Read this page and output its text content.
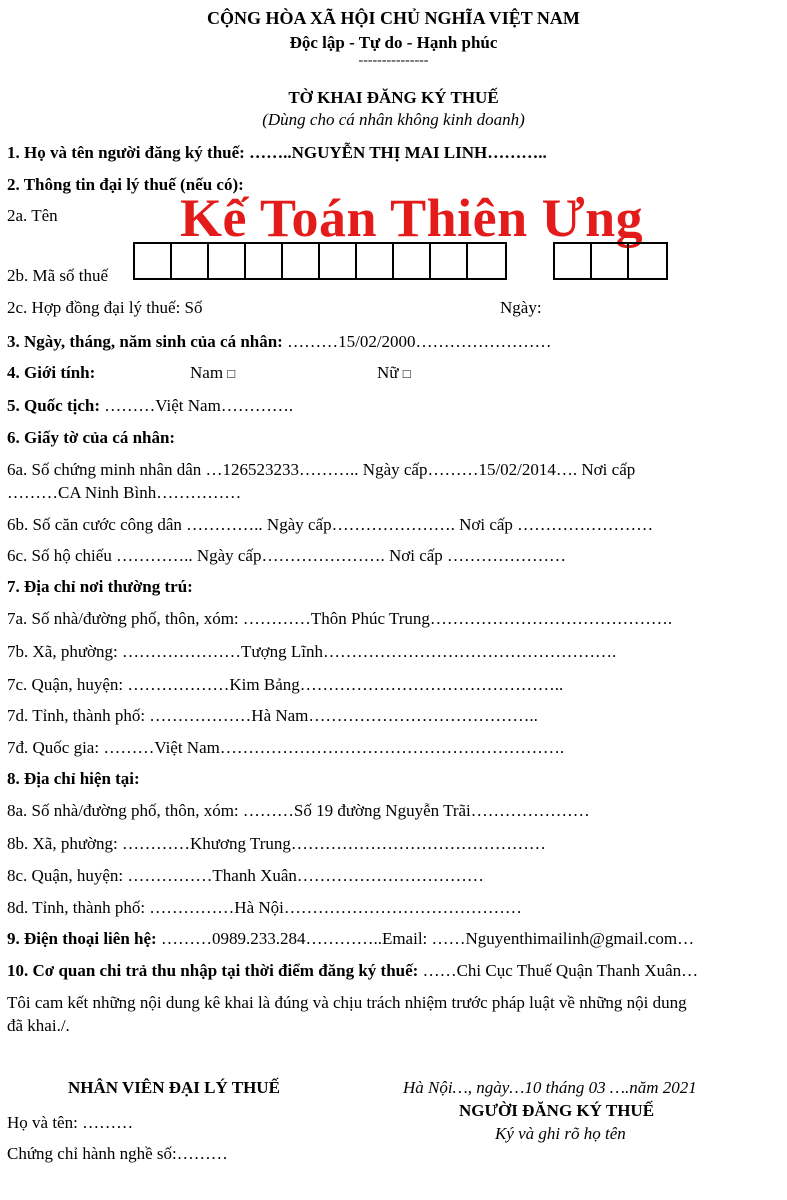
CỘNG HÒA XÃ HỘI CHỦ NGHĨA VIỆT NAM
Độc lập - Tự do - Hạnh phúc
---------------
TỜ KHAI ĐĂNG KÝ THUẾ
(Dùng cho cá nhân không kinh doanh)
1. Họ và tên người đăng ký thuế: ……..NGUYỄN THỊ MAI LINH………..
2. Thông tin đại lý thuế (nếu có):
2a. Tên Kế Toán Thiên Ưng
2b. Mã số thuế
2c. Hợp đồng đại lý thuế: Số	Ngày:
3. Ngày, tháng, năm sinh của cá nhân: ………15/02/2000……………………
4. Giới tính:	Nam □	Nữ □
5. Quốc tịch: ………Việt Nam………….
6. Giấy tờ của cá nhân:
6a. Số chứng minh nhân dân …126523233……….. Ngày cấp………15/02/2014…. Nơi cấp
………CA Ninh Bình……………
6b. Số căn cước công dân ………….. Ngày cấp…………………. Nơi cấp ……………………
6c. Số hộ chiếu ………….. Ngày cấp…………………. Nơi cấp …………………
7. Địa chỉ nơi thường trú:
7a. Số nhà/đường phố, thôn, xóm: …………Thôn Phúc Trung…………………………………….
7b. Xã, phường: …………………Tượng Lĩnh…………………………………………….
7c. Quận, huyện: ………………Kim Bảng………………………………………..
7d. Tỉnh, thành phố: ………………Hà Nam…………………………………..
7đ. Quốc gia: ………Việt Nam…………………………………………………….
8. Địa chỉ hiện tại:
8a. Số nhà/đường phố, thôn, xóm: ………Số 19 đường Nguyễn Trãi…………………
8b. Xã, phường: …………Khương Trung………………………………………
8c. Quận, huyện: ……………Thanh Xuân……………………………
8d. Tỉnh, thành phố: ……………Hà Nội……………………………………
9. Điện thoại liên hệ: ………0989.233.284…………..Email: ……Nguyenthimailinh@gmail.com…
10. Cơ quan chi trả thu nhập tại thời điểm đăng ký thuế: ……Chi Cục Thuế Quận Thanh Xuân…
Tôi cam kết những nội dung kê khai là đúng và chịu trách nhiệm trước pháp luật về những nội dung
đã khai./.
NHÂN VIÊN ĐẠI LÝ THUẾ
Họ và tên: ………
Chứng chỉ hành nghề số:………
Hà Nội…, ngày…10 tháng 03 ….năm 2021
NGƯỜI ĐĂNG KÝ THUẾ
Ký và ghi rõ họ tên
